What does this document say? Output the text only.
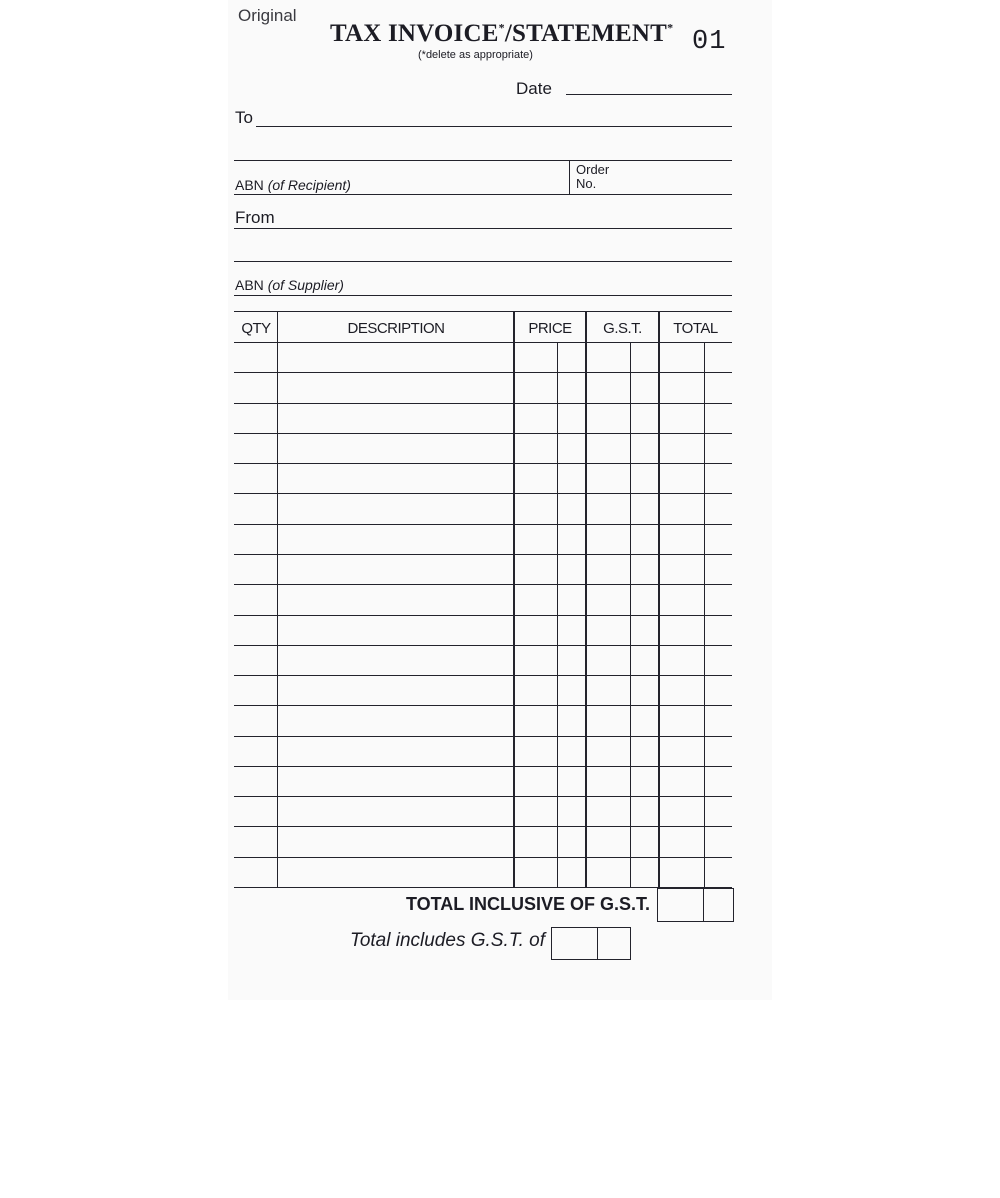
Original
TAX INVOICE*/STATEMENT*
(*delete as appropriate)	01
Date
To
ABN (of Recipient)
Order
No.
From
ABN (of Supplier)
QTY	DESCRIPTION	PRICE	G.S.T.	TOTAL
TOTAL INCLUSIVE OF G.S.T.
Total includes G.S.T. of
